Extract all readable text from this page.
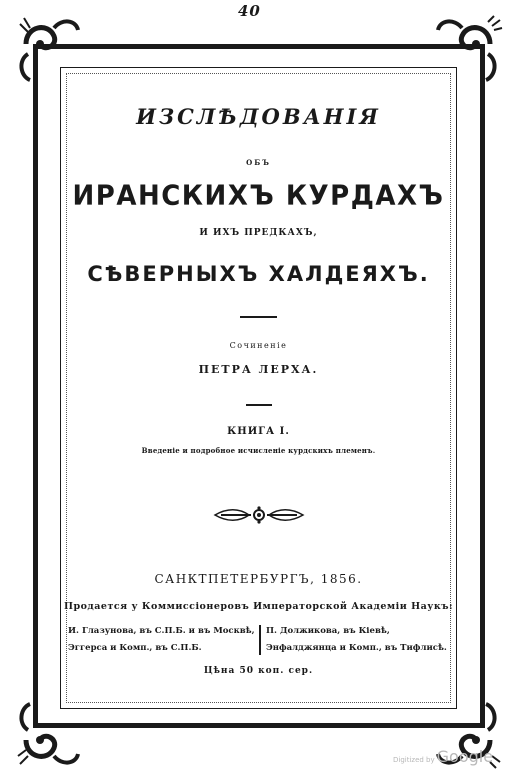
40
ИЗСЛѢДОВАНІЯ
ОБЪ
ИРАНСКИХЪ КУРДАХЪ
И ИХЪ ПРЕДКАХЪ,
СѢВЕРНЫХЪ ХАЛДЕЯХЪ.
Сочиненіе
ПЕТРА ЛЕРХА.
КНИГА I.
Введеніе и подробное исчисленіе курдскихъ племенъ.
САНКТПЕТЕРБУРГЪ, 1856.
Продается у Коммиссіонеровъ Императорской Академіи Наукъ:
И. Глазунова, въ С.П.Б. и въ Москвѣ,
Эггерса и Комп., въ С.П.Б.
П. Должикова, въ Кіевѣ,
Энфалджянца и Комп., въ Тифлисѣ.
Цѣна 50 коп. сер.
Digitized by Google
